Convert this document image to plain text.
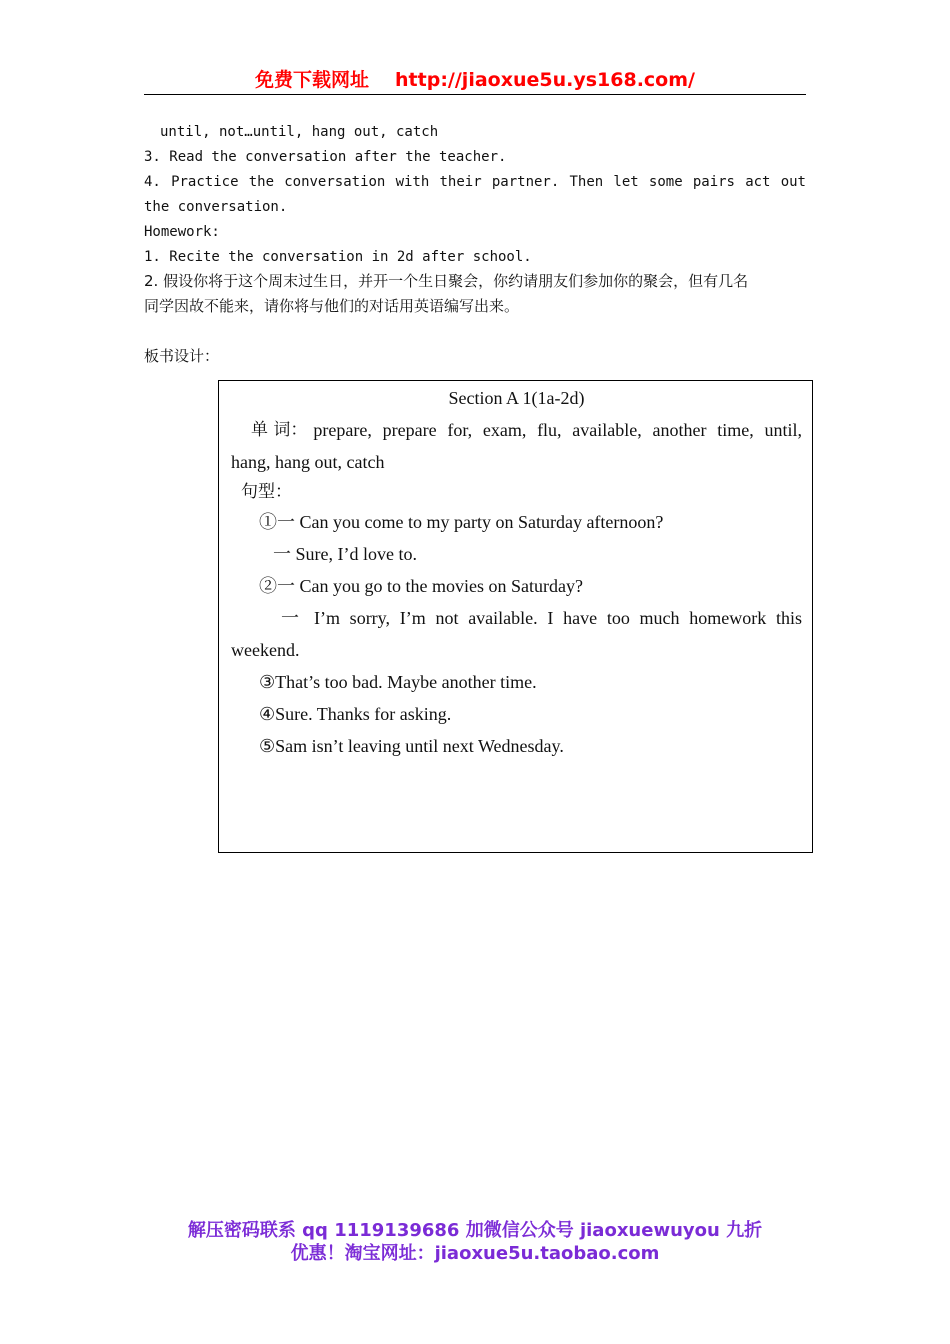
免费下载网址 http://jiaoxue5u.ys168.com/
until, not…until, hang out, catch
3. Read the conversation after the teacher.
4. Practice the conversation with their partner. Then let some pairs act out
the conversation.
Homework:
1. Recite the conversation in 2d after school.
2. 假设你将于这个周末过生日，并开一个生日聚会，你约请朋友们参加你的聚会，但有几名
同学因故不能来，请你将与他们的对话用英语编写出来。
板书设计：
Section A 1(1a-2d)
单 词： prepare, prepare for, exam, flu, available, another time, until,
hang, hang out, catch
句型：
①一 Can you come to my party on Saturday afternoon?
一 Sure, I’d love to.
②一 Can you go to the movies on Saturday?
一 I’m sorry, I’m not available. I have too much homework this
weekend.
③That’s too bad. Maybe another time.
④Sure. Thanks for asking.
⑤Sam isn’t leaving until next Wednesday.
解压密码联系 qq 1119139686 加微信公众号 jiaoxuewuyou 九折
优惠！淘宝网址：jiaoxue5u.taobao.com
